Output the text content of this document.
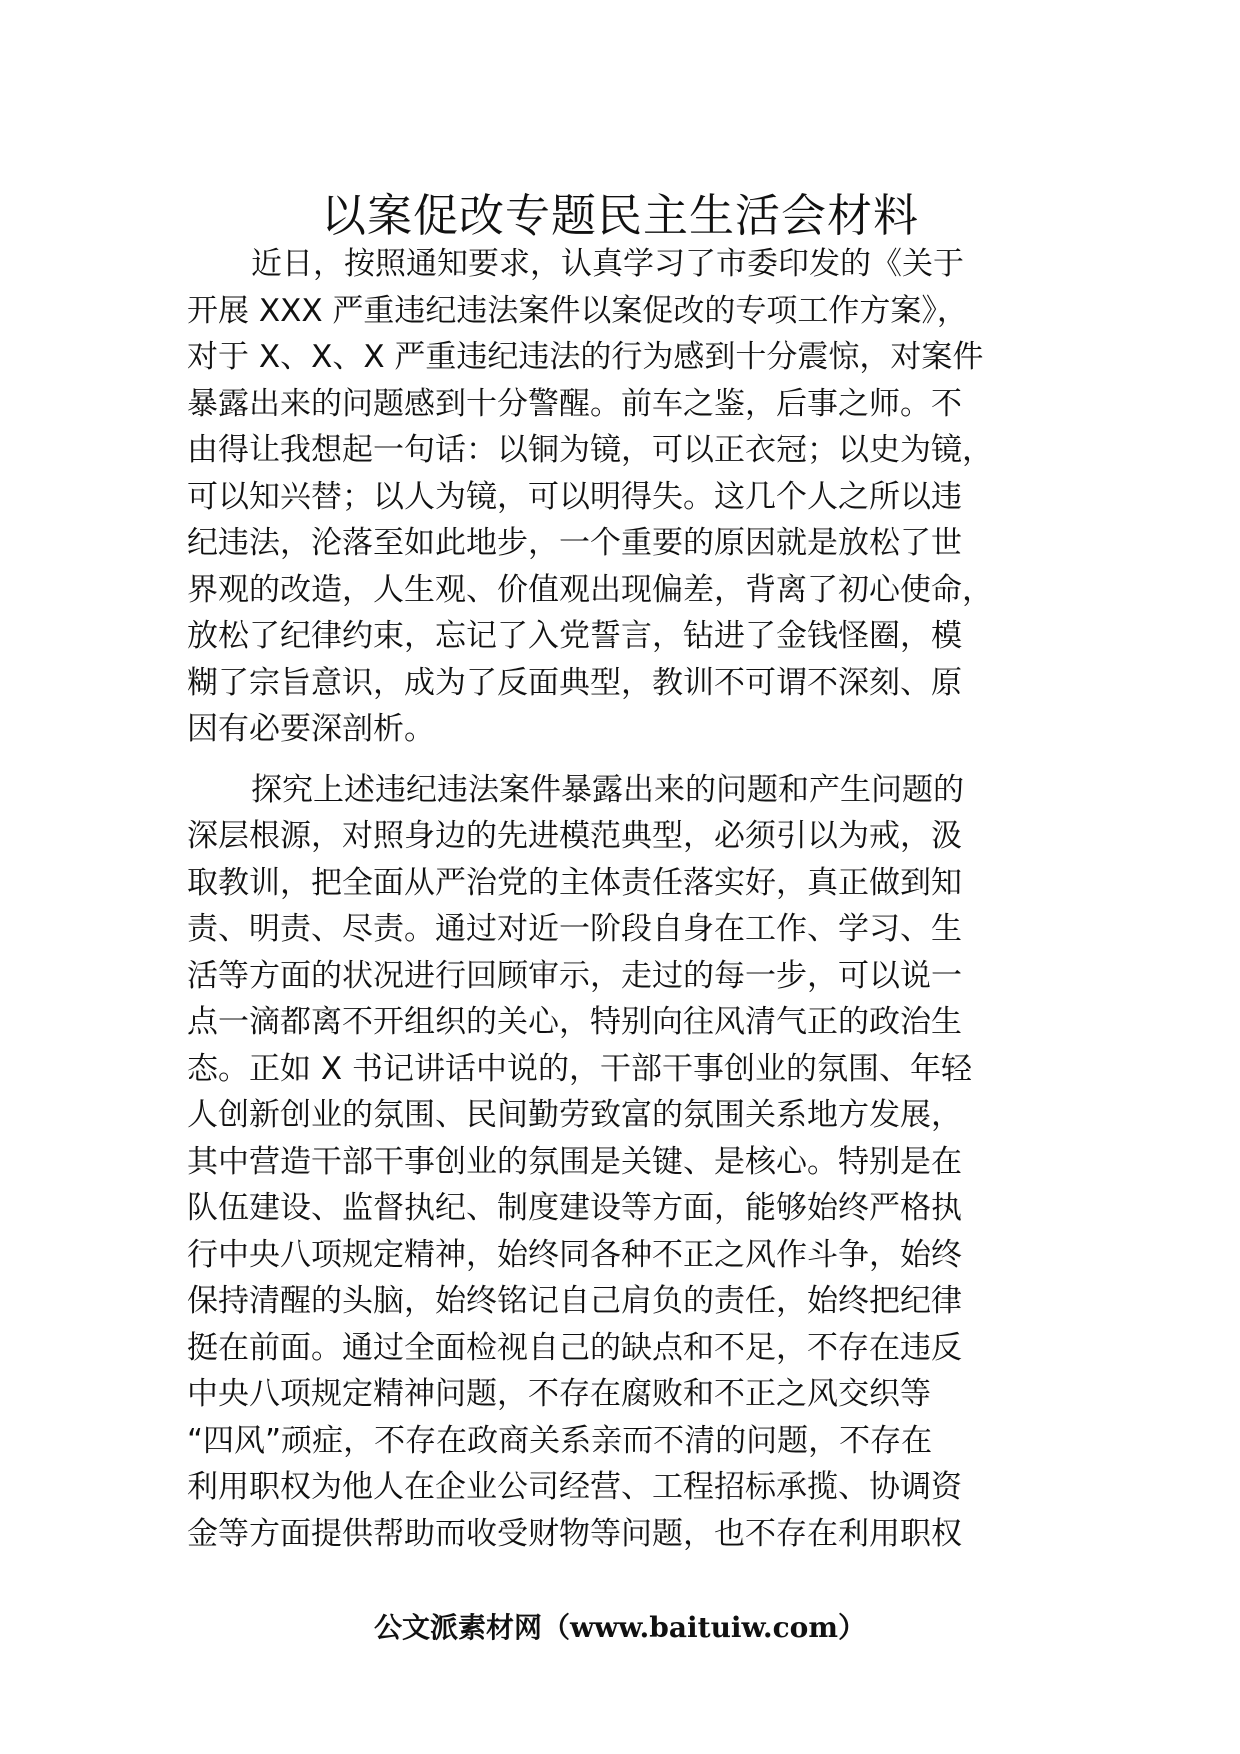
以案促改专题民主生活会材料
近日，按照通知要求，认真学习了市委印发的《关于
开展 XXX 严重违纪违法案件以案促改的专项工作方案》，
对于 X、X、X 严重违纪违法的行为感到十分震惊，对案件
暴露出来的问题感到十分警醒。前车之鉴，后事之师。不
由得让我想起一句话：以铜为镜，可以正衣冠；以史为镜，
可以知兴替；以人为镜，可以明得失。这几个人之所以违
纪违法，沦落至如此地步，一个重要的原因就是放松了世
界观的改造，人生观、价值观出现偏差，背离了初心使命，
放松了纪律约束，忘记了入党誓言，钻进了金钱怪圈，模
糊了宗旨意识，成为了反面典型，教训不可谓不深刻、原
因有必要深剖析。
探究上述违纪违法案件暴露出来的问题和产生问题的
深层根源，对照身边的先进模范典型，必须引以为戒，汲
取教训，把全面从严治党的主体责任落实好，真正做到知
责、明责、尽责。通过对近一阶段自身在工作、学习、生
活等方面的状况进行回顾审示，走过的每一步，可以说一
点一滴都离不开组织的关心，特别向往风清气正的政治生
态。正如 X 书记讲话中说的，干部干事创业的氛围、年轻
人创新创业的氛围、民间勤劳致富的氛围关系地方发展，
其中营造干部干事创业的氛围是关键、是核心。特别是在
队伍建设、监督执纪、制度建设等方面，能够始终严格执
行中央八项规定精神，始终同各种不正之风作斗争，始终
保持清醒的头脑，始终铭记自己肩负的责任，始终把纪律
挺在前面。通过全面检视自己的缺点和不足，不存在违反
中央八项规定精神问题，不存在腐败和不正之风交织等
“四风”顽症，不存在政商关系亲而不清的问题，不存在
利用职权为他人在企业公司经营、工程招标承揽、协调资
金等方面提供帮助而收受财物等问题，也不存在利用职权
公文派素材网（www.baituiw.com）
